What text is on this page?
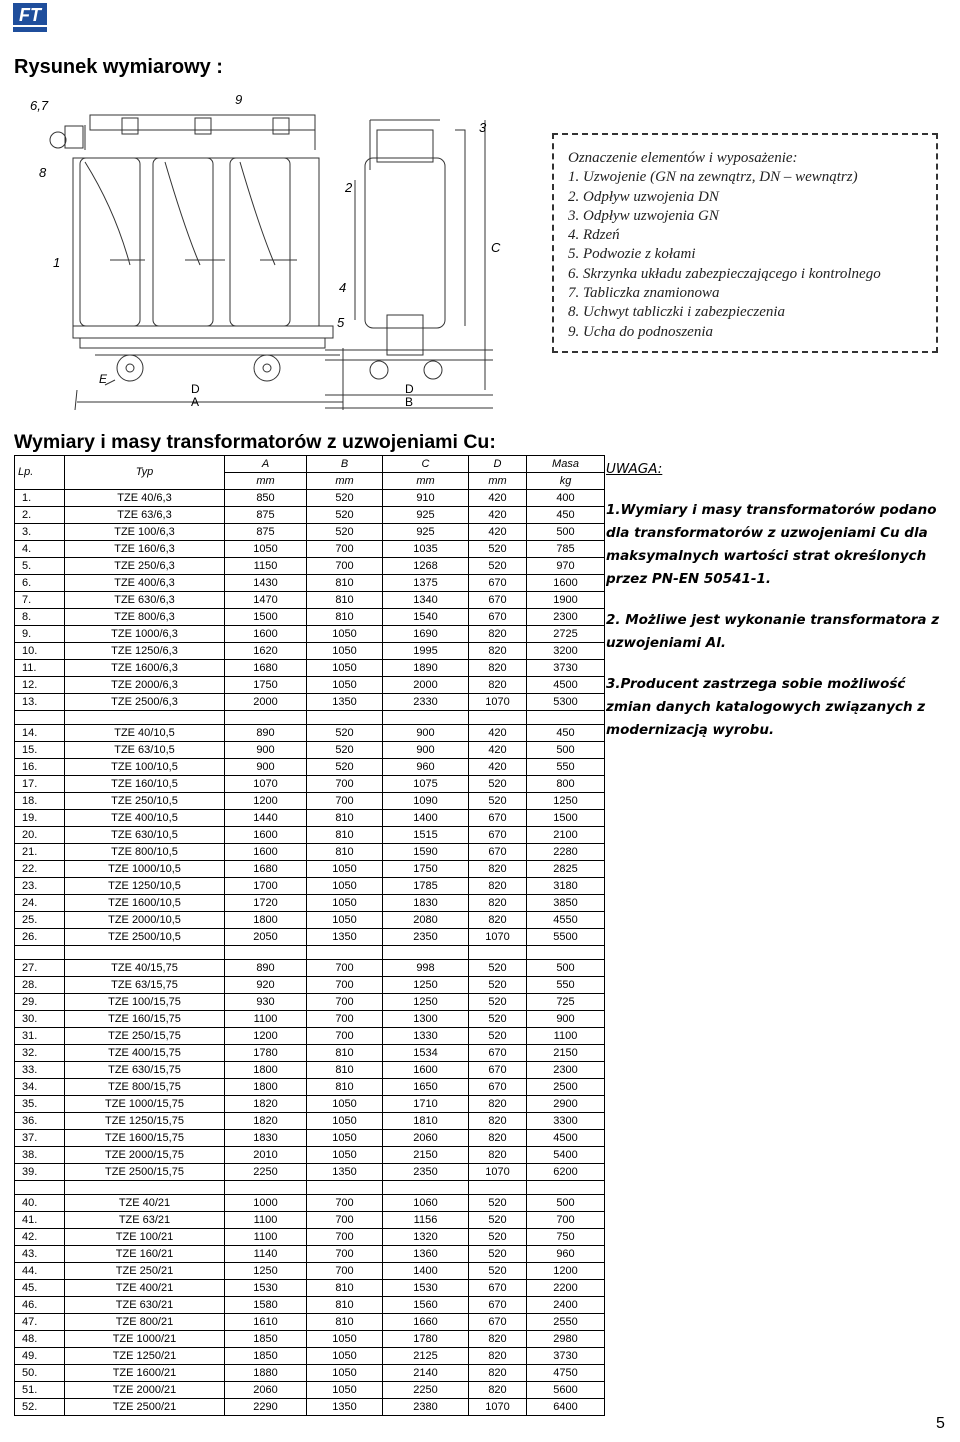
FT
Rysunek wymiarowy :
6,7	9
8
1
2
4
5
3
C
D
A
D
B
E
Oznaczenie elementów i wyposażenie:
1. Uzwojenie (GN na zewnątrz, DN – wewnątrz)
2. Odpływ uzwojenia DN
3. Odpływ uzwojenia GN
4. Rdzeń
5. Podwozie z kołami
6. Skrzynka układu zabezpieczającego i kontrolnego
7. Tabliczka znamionowa
8. Uchwyt tabliczki i zabezpieczenia
9. Ucha do podnoszenia
Wymiary i masy transformatorów z uzwojeniami Cu:
Lp.	Typ	A	B	C	D	Masa
		mm	mm	mm	mm	kg
1.	TZE 40/6,3	850	520	910	420	400
2.	TZE 63/6,3	875	520	925	420	450
3.	TZE 100/6,3	875	520	925	420	500
4.	TZE 160/6,3	1050	700	1035	520	785
5.	TZE 250/6,3	1150	700	1268	520	970
6.	TZE 400/6,3	1430	810	1375	670	1600
7.	TZE 630/6,3	1470	810	1340	670	1900
8.	TZE 800/6,3	1500	810	1540	670	2300
9.	TZE 1000/6,3	1600	1050	1690	820	2725
10.	TZE 1250/6,3	1620	1050	1995	820	3200
11.	TZE 1600/6,3	1680	1050	1890	820	3730
12.	TZE 2000/6,3	1750	1050	2000	820	4500
13.	TZE 2500/6,3	2000	1350	2330	1070	5300

14.	TZE 40/10,5	890	520	900	420	450
15.	TZE 63/10,5	900	520	900	420	500
16.	TZE 100/10,5	900	520	960	420	550
17.	TZE 160/10,5	1070	700	1075	520	800
18.	TZE 250/10,5	1200	700	1090	520	1250
19.	TZE 400/10,5	1440	810	1400	670	1500
20.	TZE 630/10,5	1600	810	1515	670	2100
21.	TZE 800/10,5	1600	810	1590	670	2280
22.	TZE 1000/10,5	1680	1050	1750	820	2825
23.	TZE 1250/10,5	1700	1050	1785	820	3180
24.	TZE 1600/10,5	1720	1050	1830	820	3850
25.	TZE 2000/10,5	1800	1050	2080	820	4550
26.	TZE 2500/10,5	2050	1350	2350	1070	5500

27.	TZE 40/15,75	890	700	998	520	500
28.	TZE 63/15,75	920	700	1250	520	550
29.	TZE 100/15,75	930	700	1250	520	725
30.	TZE 160/15,75	1100	700	1300	520	900
31.	TZE 250/15,75	1200	700	1330	520	1100
32.	TZE 400/15,75	1780	810	1534	670	2150
33.	TZE 630/15,75	1800	810	1600	670	2300
34.	TZE 800/15,75	1800	810	1650	670	2500
35.	TZE 1000/15,75	1820	1050	1710	820	2900
36.	TZE 1250/15,75	1820	1050	1810	820	3300
37.	TZE 1600/15,75	1830	1050	2060	820	4500
38.	TZE 2000/15,75	2010	1050	2150	820	5400
39.	TZE 2500/15,75	2250	1350	2350	1070	6200

40.	TZE 40/21	1000	700	1060	520	500
41.	TZE 63/21	1100	700	1156	520	700
42.	TZE 100/21	1100	700	1320	520	750
43.	TZE 160/21	1140	700	1360	520	960
44.	TZE 250/21	1250	700	1400	520	1200
45.	TZE 400/21	1530	810	1530	670	2200
46.	TZE 630/21	1580	810	1560	670	2400
47.	TZE 800/21	1610	810	1660	670	2550
48.	TZE 1000/21	1850	1050	1780	820	2980
49.	TZE 1250/21	1850	1050	2125	820	3730
50.	TZE 1600/21	1880	1050	2140	820	4750
51.	TZE 2000/21	2060	1050	2250	820	5600
52.	TZE 2500/21	2290	1350	2380	1070	6400
UWAGA:

1.Wymiary i masy transformatorów podano dla transformatorów z uzwojeniami Cu dla maksymalnych wartości strat określonych przez PN-EN 50541-1.

2. Możliwe jest wykonanie transformatora z uzwojeniami Al.

3.Producent zastrzega sobie możliwość zmian danych katalogowych związanych z modernizacją wyrobu.

5
